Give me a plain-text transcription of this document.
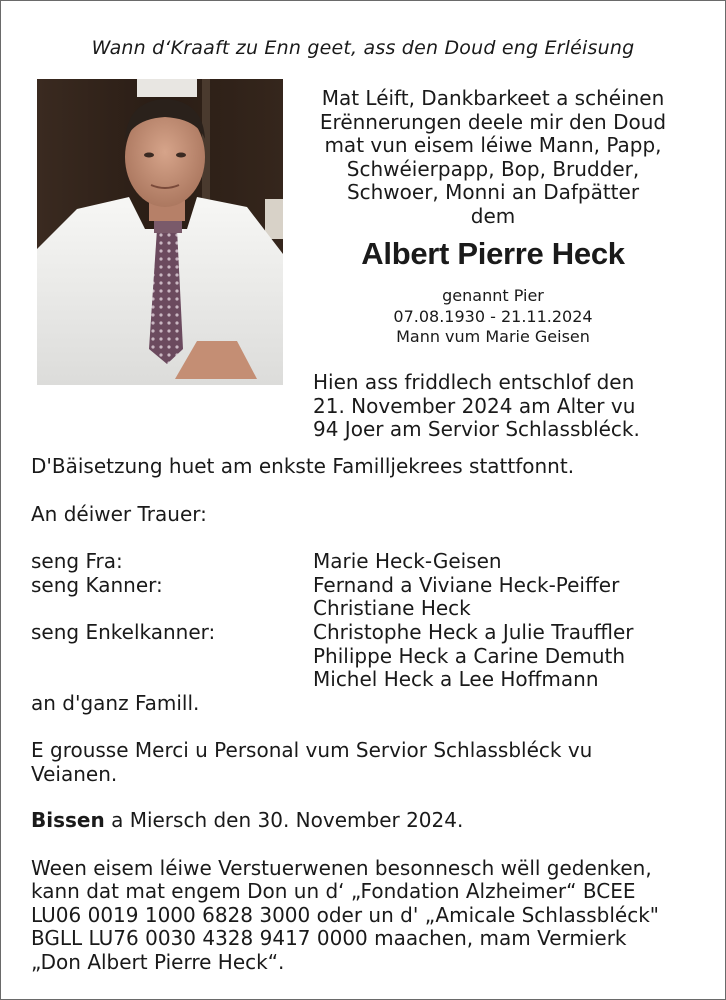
Wann d‘Kraaft zu Enn geet, ass den Doud eng Erléisung
Mat Léift, Dankbarkeet a schéinen
Erënnerungen deele mir den Doud
mat vun eisem léiwe Mann, Papp,
Schwéierpapp, Bop, Brudder,
Schwoer, Monni an Dafpätter
dem
Albert Pierre Heck
genannt Pier
07.08.1930 - 21.11.2024
Mann vum Marie Geisen
Hien ass friddlech entschlof den
21. November 2024 am Alter vu
94 Joer am Servior Schlassbléck.
D'Bäisetzung huet am enkste Familljekrees stattfonnt.
An déiwer Trauer:
seng Fra:	Marie Heck-Geisen
seng Kanner:	Fernand a Viviane Heck-Peiffer
Christiane Heck
seng Enkelkanner:	Christophe Heck a Julie Trauffler
Philippe Heck a Carine Demuth
Michel Heck a Lee Hoffmann
an d'ganz Famill.
E grousse Merci u Personal vum Servior Schlassbléck vu
Veianen.
Bissen a Miersch den 30. November 2024.
Ween eisem léiwe Verstuerwenen besonnesch wëll gedenken,
kann dat mat engem Don un d‘ „Fondation Alzheimer“ BCEE
LU06 0019 1000 6828 3000 oder un d' „Amicale Schlassbléck"
BGLL LU76 0030 4328 9417 0000 maachen, mam Vermierk
„Don Albert Pierre Heck“.
